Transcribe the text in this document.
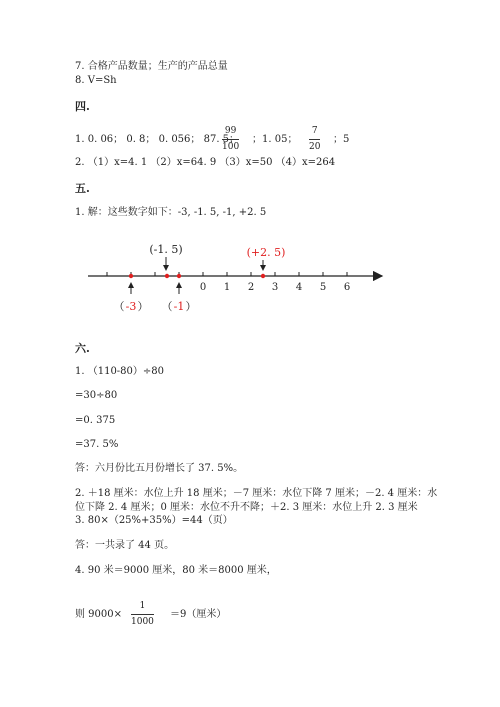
7. 合格产品数量；生产的产品总量
8. V=Sh
四.
1. 0. 06； 0. 8； 0. 056； 87. 5；
99
100
；1. 05；
7
20
；5
2. （1）x=4. 1 （2）x=64. 9 （3）x=50 （4）x=264
五.
1. 解：这些数字如下：-3, -1. 5, -1, +2. 5
0 1 2 3 4 5 6
(-1. 5)	(+2. 5)
（ -3 ） （ -1 ）
六.
1. （110-80）÷80
=30÷80
=0. 375
=37. 5%
答：六月份比五月份增长了 37. 5%。
2. ＋18 厘米：水位上升 18 厘米；－7 厘米：水位下降 7 厘米；－2. 4 厘米：水
位下降 2. 4 厘米；0 厘米：水位不升不降；＋2. 3 厘米：水位上升 2. 3 厘米
3. 80×（25%+35%）=44（页）
答：一共录了 44 页。
4. 90 米＝9000 厘米，80 米＝8000 厘米，
则 9000×
1
1000
＝9（厘米）
